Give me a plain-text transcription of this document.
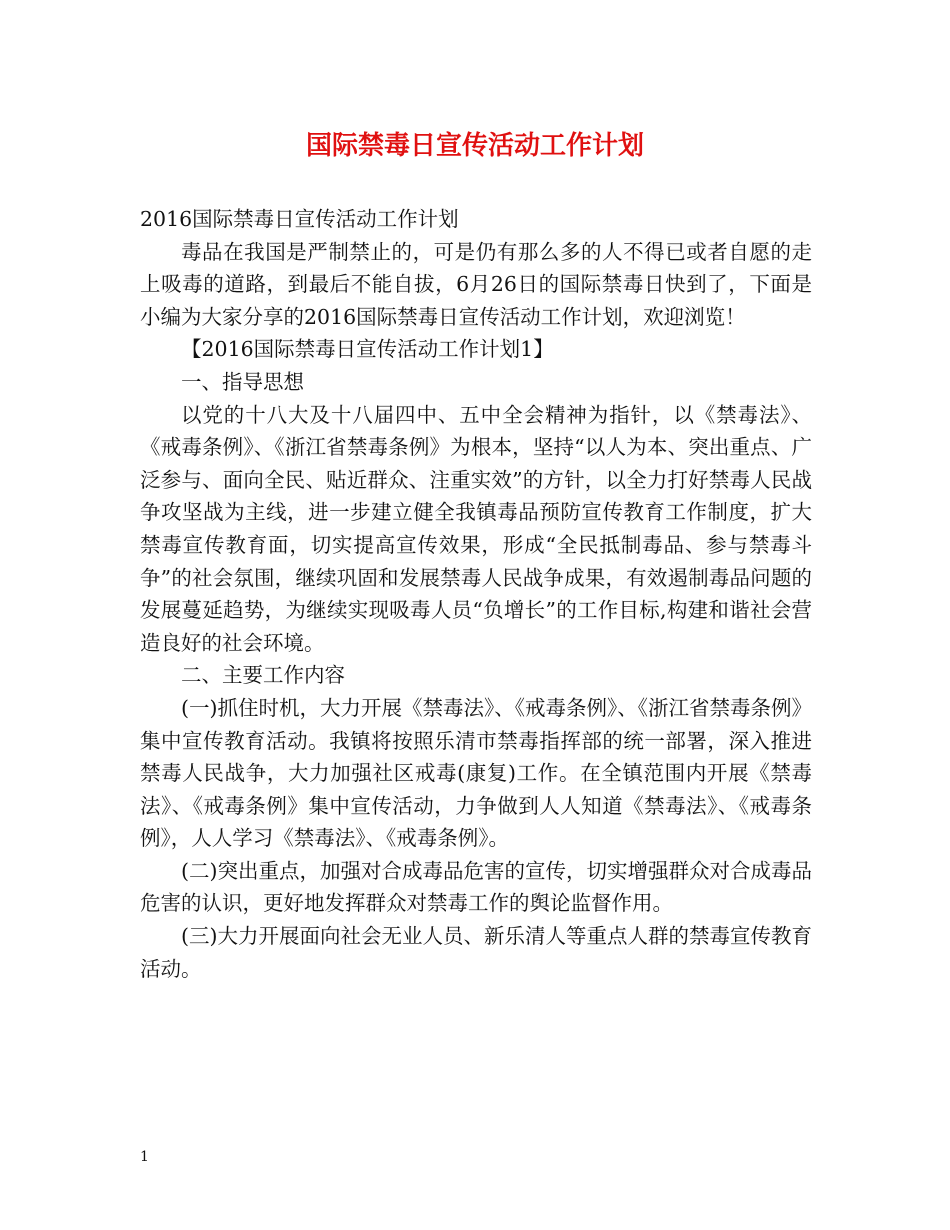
国际禁毒日宣传活动工作计划

2016国际禁毒日宣传活动工作计划

毒品在我国是严制禁止的，可是仍有那么多的人不得已或者自愿的走上吸毒的道路，到最后不能自拔，6月26日的国际禁毒日快到了，下面是小编为大家分享的2016国际禁毒日宣传活动工作计划，欢迎浏览！

【2016国际禁毒日宣传活动工作计划1】

一、指导思想

以党的十八大及十八届四中、五中全会精神为指针，以《禁毒法》、《戒毒条例》、《浙江省禁毒条例》为根本，坚持“以人为本、突出重点、广泛参与、面向全民、贴近群众、注重实效”的方针，以全力打好禁毒人民战争攻坚战为主线，进一步建立健全我镇毒品预防宣传教育工作制度，扩大禁毒宣传教育面，切实提高宣传效果，形成“全民抵制毒品、参与禁毒斗争”的社会氛围，继续巩固和发展禁毒人民战争成果，有效遏制毒品问题的发展蔓延趋势，为继续实现吸毒人员“负增长”的工作目标,构建和谐社会营造良好的社会环境。

二、主要工作内容

(一)抓住时机，大力开展《禁毒法》、《戒毒条例》、《浙江省禁毒条例》集中宣传教育活动。我镇将按照乐清市禁毒指挥部的统一部署，深入推进禁毒人民战争，大力加强社区戒毒(康复)工作。在全镇范围内开展《禁毒法》、《戒毒条例》集中宣传活动，力争做到人人知道《禁毒法》、《戒毒条例》，人人学习《禁毒法》、《戒毒条例》。

(二)突出重点，加强对合成毒品危害的宣传，切实增强群众对合成毒品危害的认识，更好地发挥群众对禁毒工作的舆论监督作用。

(三)大力开展面向社会无业人员、新乐清人等重点人群的禁毒宣传教育活动。

1
